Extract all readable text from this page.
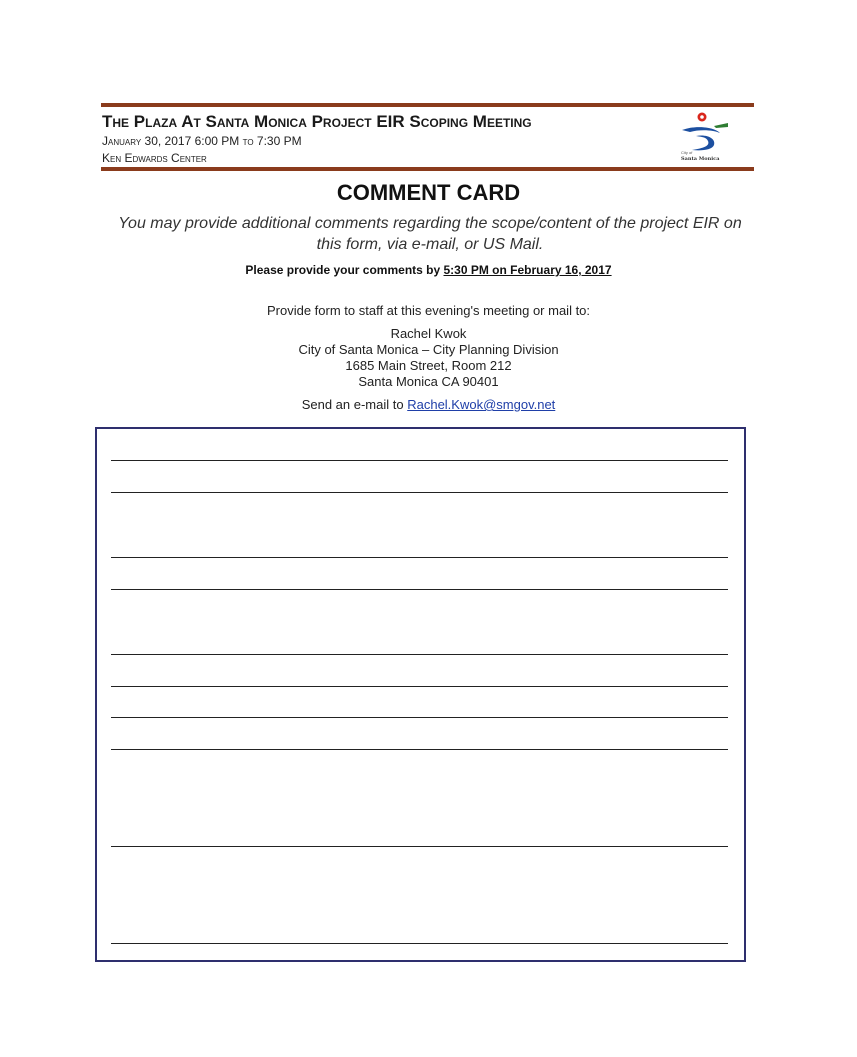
The Plaza At Santa Monica Project EIR Scoping Meeting
January 30, 2017 6:00 PM to 7:30 PM
Ken Edwards Center	City of
Santa Monica
COMMENT CARD
You may provide additional comments regarding the scope/content of the project EIR on this form, via e-mail, or US Mail.
Please provide your comments by 5:30 PM on February 16, 2017
Provide form to staff at this evening's meeting or mail to:
Rachel Kwok
City of Santa Monica – City Planning Division
1685 Main Street, Room 212
Santa Monica CA 90401
Send an e-mail to Rachel.Kwok@smgov.net
